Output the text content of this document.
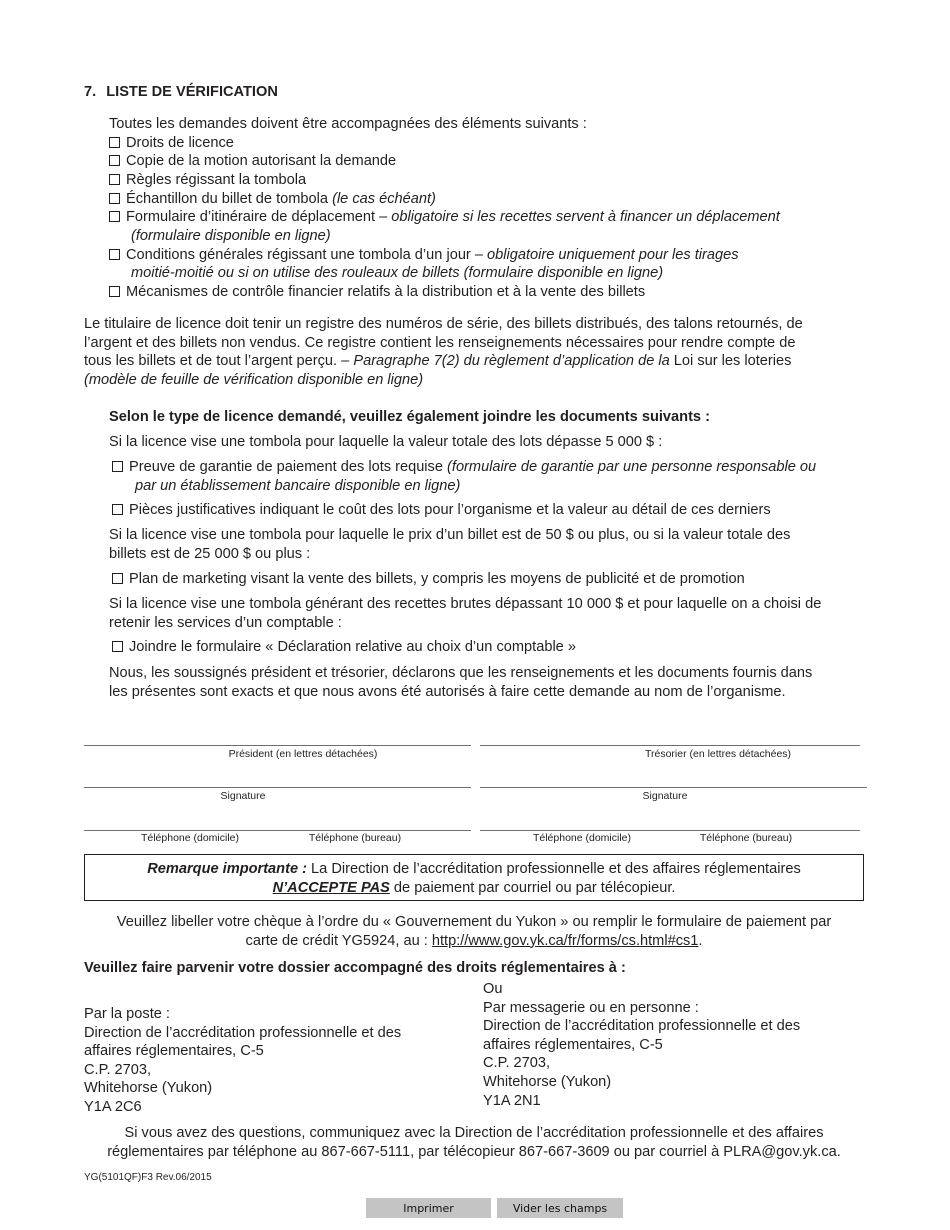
7. LISTE DE VÉRIFICATION
Toutes les demandes doivent être accompagnées des éléments suivants :
Droits de licence
Copie de la motion autorisant la demande
Règles régissant la tombola
Échantillon du billet de tombola (le cas échéant)
Formulaire d’itinéraire de déplacement – obligatoire si les recettes servent à financer un déplacement
(formulaire disponible en ligne)
Conditions générales régissant une tombola d’un jour – obligatoire uniquement pour les tirages
moitié-moitié ou si on utilise des rouleaux de billets (formulaire disponible en ligne)
Mécanismes de contrôle financier relatifs à la distribution et à la vente des billets
Le titulaire de licence doit tenir un registre des numéros de série, des billets distribués, des talons retournés, de
l’argent et des billets non vendus. Ce registre contient les renseignements nécessaires pour rendre compte de
tous les billets et de tout l’argent perçu. – Paragraphe 7(2) du règlement d’application de la Loi sur les loteries
(modèle de feuille de vérification disponible en ligne)
Selon le type de licence demandé, veuillez également joindre les documents suivants :
Si la licence vise une tombola pour laquelle la valeur totale des lots dépasse 5 000 $ :
Preuve de garantie de paiement des lots requise (formulaire de garantie par une personne responsable ou
par un établissement bancaire disponible en ligne)
Pièces justificatives indiquant le coût des lots pour l’organisme et la valeur au détail de ces derniers
Si la licence vise une tombola pour laquelle le prix d’un billet est de 50 $ ou plus, ou si la valeur totale des
billets est de 25 000 $ ou plus :
Plan de marketing visant la vente des billets, y compris les moyens de publicité et de promotion
Si la licence vise une tombola générant des recettes brutes dépassant 10 000 $ et pour laquelle on a choisi de
retenir les services d’un comptable :
Joindre le formulaire « Déclaration relative au choix d’un comptable »
Nous, les soussignés président et trésorier, déclarons que les renseignements et les documents fournis dans
les présentes sont exacts et que nous avons été autorisés à faire cette demande au nom de l’organisme.
Président (en lettres détachées)	Trésorier (en lettres détachées)
Signature	Signature
Téléphone (domicile)	Téléphone (bureau)	Téléphone (domicile)	Téléphone (bureau)
Remarque importante : La Direction de l’accréditation professionnelle et des affaires réglementaires
N’ACCEPTE PAS de paiement par courriel ou par télécopieur.
Veuillez libeller votre chèque à l’ordre du « Gouvernement du Yukon » ou remplir le formulaire de paiement par
carte de crédit YG5924, au : http://www.gov.yk.ca/fr/forms/cs.html#cs1.
Veuillez faire parvenir votre dossier accompagné des droits réglementaires à :
Par la poste :
Direction de l’accréditation professionnelle et des
affaires réglementaires, C-5
C.P. 2703,
Whitehorse (Yukon)
Y1A 2C6
Ou
Par messagerie ou en personne :
Direction de l’accréditation professionnelle et des
affaires réglementaires, C-5
C.P. 2703,
Whitehorse (Yukon)
Y1A 2N1
Si vous avez des questions, communiquez avec la Direction de l’accréditation professionnelle et des affaires
réglementaires par téléphone au 867-667-5111, par télécopieur 867-667-3609 ou par courriel à PLRA@gov.yk.ca.
YG(5101QF)F3 Rev.06/2015
Imprimer	Vider les champs
